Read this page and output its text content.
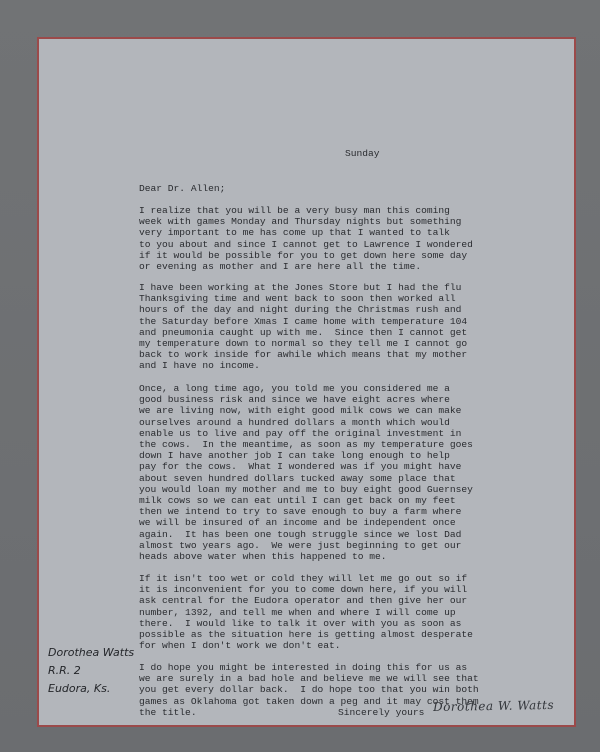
Sunday
Dear Dr. Allen;
I realize that you will be a very busy man this coming
week with games Monday and Thursday nights but something
very important to me has come up that I wanted to talk
to you about and since I cannot get to Lawrence I wondered
if it would be possible for you to get down here some day
or evening as mother and I are here all the time.
I have been working at the Jones Store but I had the flu
Thanksgiving time and went back to soon then worked all
hours of the day and night during the Christmas rush and
the Saturday before Xmas I came home with temperature 104
and pneumonia caught up with me.  Since then I cannot get
my temperature down to normal so they tell me I cannot go
back to work inside for awhile which means that my mother
and I have no income.
Once, a long time ago, you told me you considered me a
good business risk and since we have eight acres where
we are living now, with eight good milk cows we can make
ourselves around a hundred dollars a month which would
enable us to live and pay off the original investment in
the cows.  In the meantime, as soon as my temperature goes
down I have another job I can take long enough to help
pay for the cows.  What I wondered was if you might have
about seven hundred dollars tucked away some place that
you would loan my mother and me to buy eight good Guernsey
milk cows so we can eat until I can get back on my feet
then we intend to try to save enough to buy a farm where
we will be insured of an income and be independent once
again.  It has been one tough struggle since we lost Dad
almost two years ago.  We were just beginning to get our
heads above water when this happened to me.
If it isn't too wet or cold they will let me go out so if
it is inconvenient for you to come down here, if you will
ask central for the Eudora operator and then give her our
number, 1392, and tell me when and where I will come up
there.  I would like to talk it over with you as soon as
possible as the situation here is getting almost desperate
for when I don't work we don't eat.
I do hope you might be interested in doing this for us as
we are surely in a bad hole and believe me we will see that
you get every dollar back.  I do hope too that you win both
games as Oklahoma got taken down a peg and it may cost them
the title.	Sincerely yours Dorothea W. Watts
Dorothea Watts
R.R. 2
Eudora, Ks.
